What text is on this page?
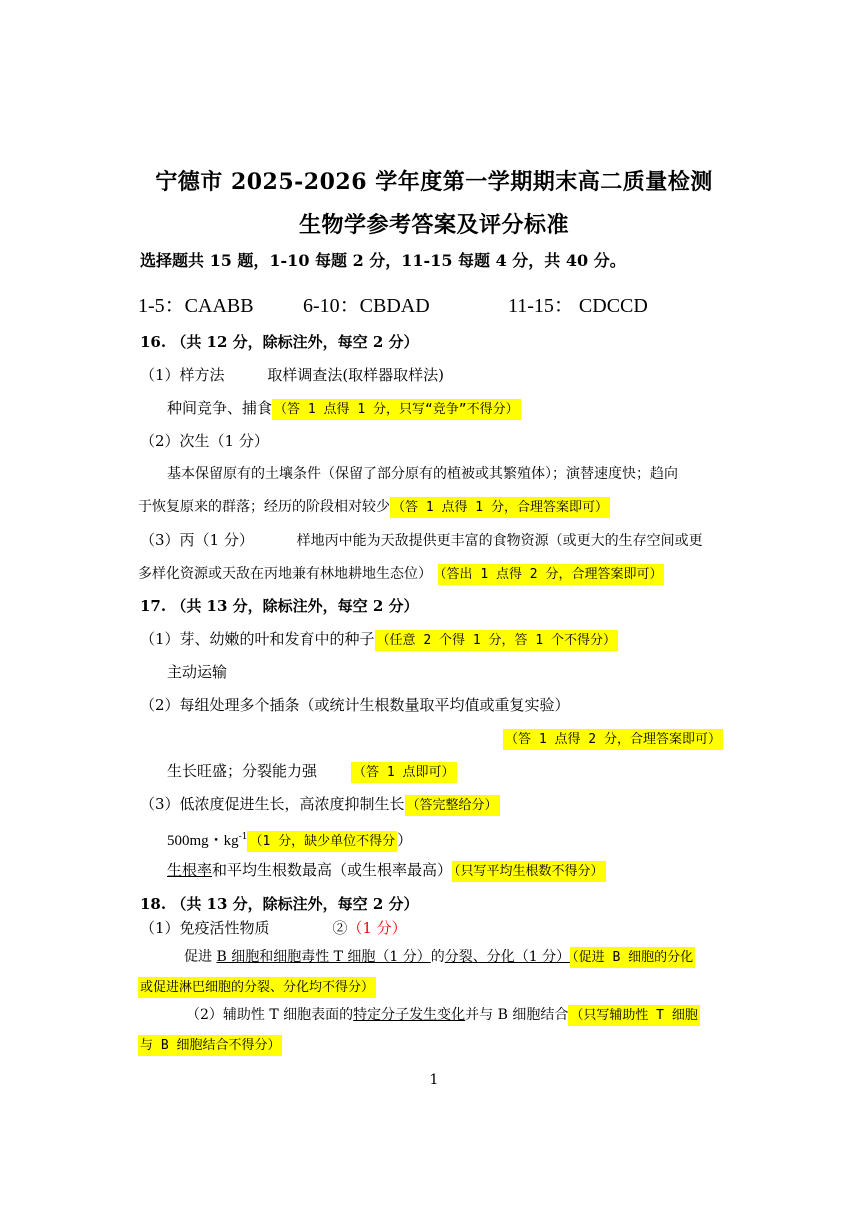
宁德市 2025-2026 学年度第一学期期末高二质量检测
生物学参考答案及评分标准
选择题共 15 题，1-10 每题 2 分，11-15 每题 4 分，共 40 分。
1-5：CAABB 6-10：CBDAD	11-15： CDCCD
16. （共 12 分，除标注外，每空 2 分）
（1）样方法	取样调查法(取样器取样法)
种间竞争、捕食 （答 1 点得 1 分，只写“竞争”不得分）
（2）次生（1 分）
基本保留原有的土壤条件（保留了部分原有的植被或其繁殖体）；演替速度快；趋向
于恢复原来的群落；经历的阶段相对较少 （答 1 点得 1 分，合理答案即可）
（3）丙（1 分）	样地丙中能为天敌提供更丰富的食物资源（或更大的生存空间或更
多样化资源或天敌在丙地兼有林地耕地生态位） （答出 1 点得 2 分，合理答案即可）
17. （共 13 分，除标注外，每空 2 分）
（1）芽、幼嫩的叶和发育中的种子 （任意 2 个得 1 分，答 1 个不得分）
主动运输
（2）每组处理多个插条（或统计生根数量取平均值或重复实验）
（答 1 点得 2 分，合理答案即可）
生长旺盛；分裂能力强	（答 1 点即可）
（3）低浓度促进生长，高浓度抑制生长 （答完整给分）
500mg・$kg^{-1}$ （1 分，缺少单位不得分 ）
生根率和平均生根数最高（或生根率最高） （只写平均生根数不得分）
18. （共 13 分，除标注外，每空 2 分）
（1）免疫活性物质	②（1 分）
促进 B 细胞和细胞毒性 T 细胞（1 分）的分裂、分化（1 分） （促进 B 细胞的分化
或促进淋巴细胞的分裂、分化均不得分）
（2）辅助性 T 细胞表面的特定分子发生变化并与 B 细胞结合 （只写辅助性 T 细胞
与 B 细胞结合不得分）
1
